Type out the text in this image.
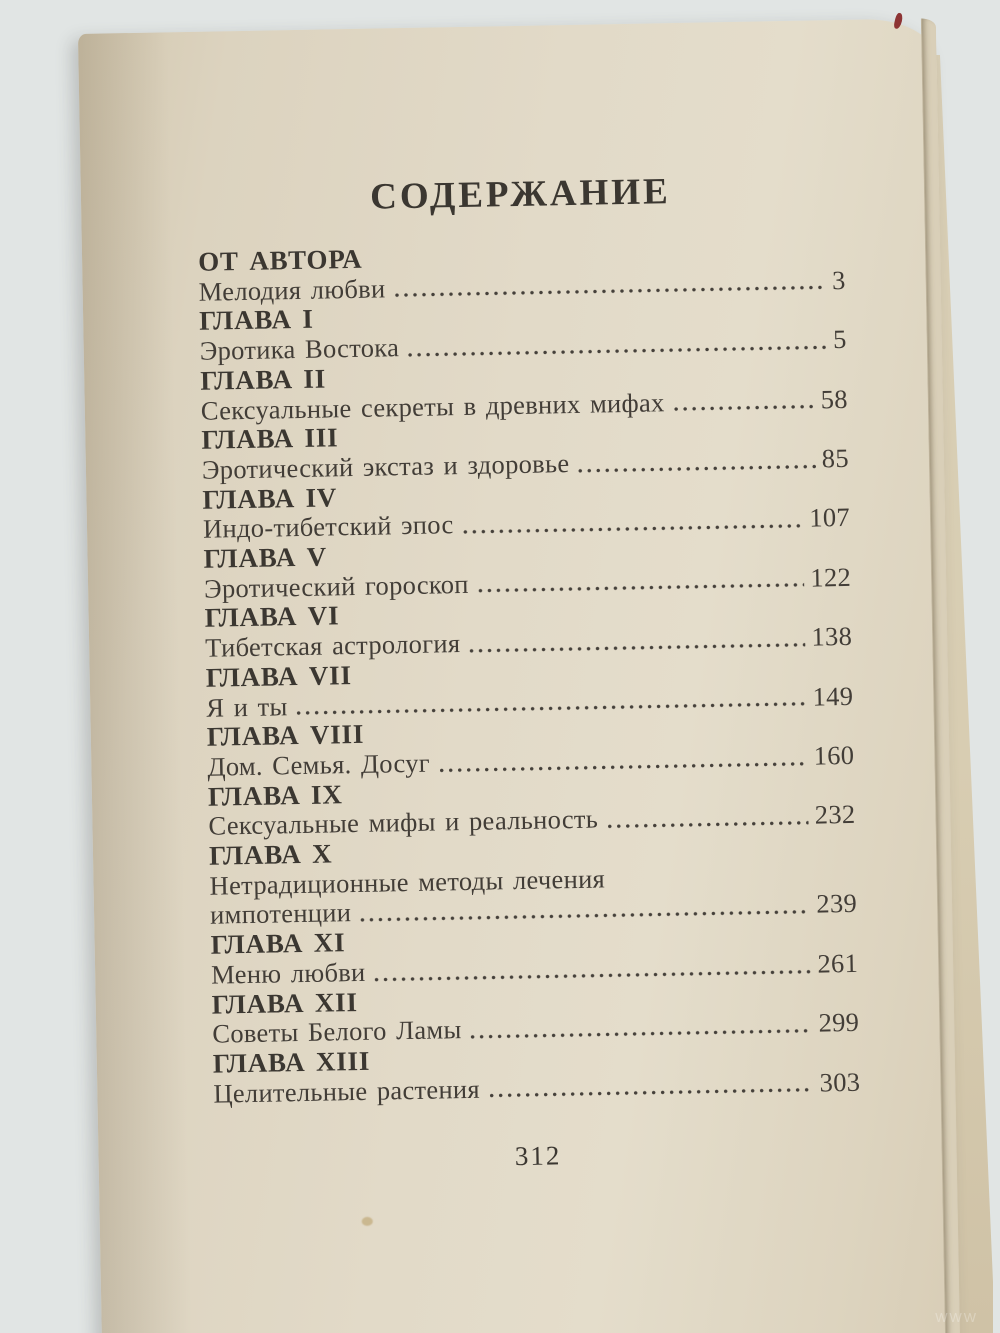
СОДЕРЖАНИЕ
ОТ АВТОРА
Мелодия любви	3
ГЛАВА I
Эротика Востока	5
ГЛАВА II
Сексуальные секреты в древних мифах	58
ГЛАВА III
Эротический экстаз и здоровье	85
ГЛАВА IV
Индо-тибетский эпос	107
ГЛАВА V
Эротический гороскоп	122
ГЛАВА VI
Тибетская астрология	138
ГЛАВА VII
Я и ты	149
ГЛАВА VIII
Дом. Семья. Досуг	160
ГЛАВА IX
Сексуальные мифы и реальность	232
ГЛАВА X
Нетрадиционные методы лечения
импотенции	239
ГЛАВА XI
Меню любви	261
ГЛАВА XII
Советы Белого Ламы	299
ГЛАВА XIII
Целительные растения	303
312
WWW
